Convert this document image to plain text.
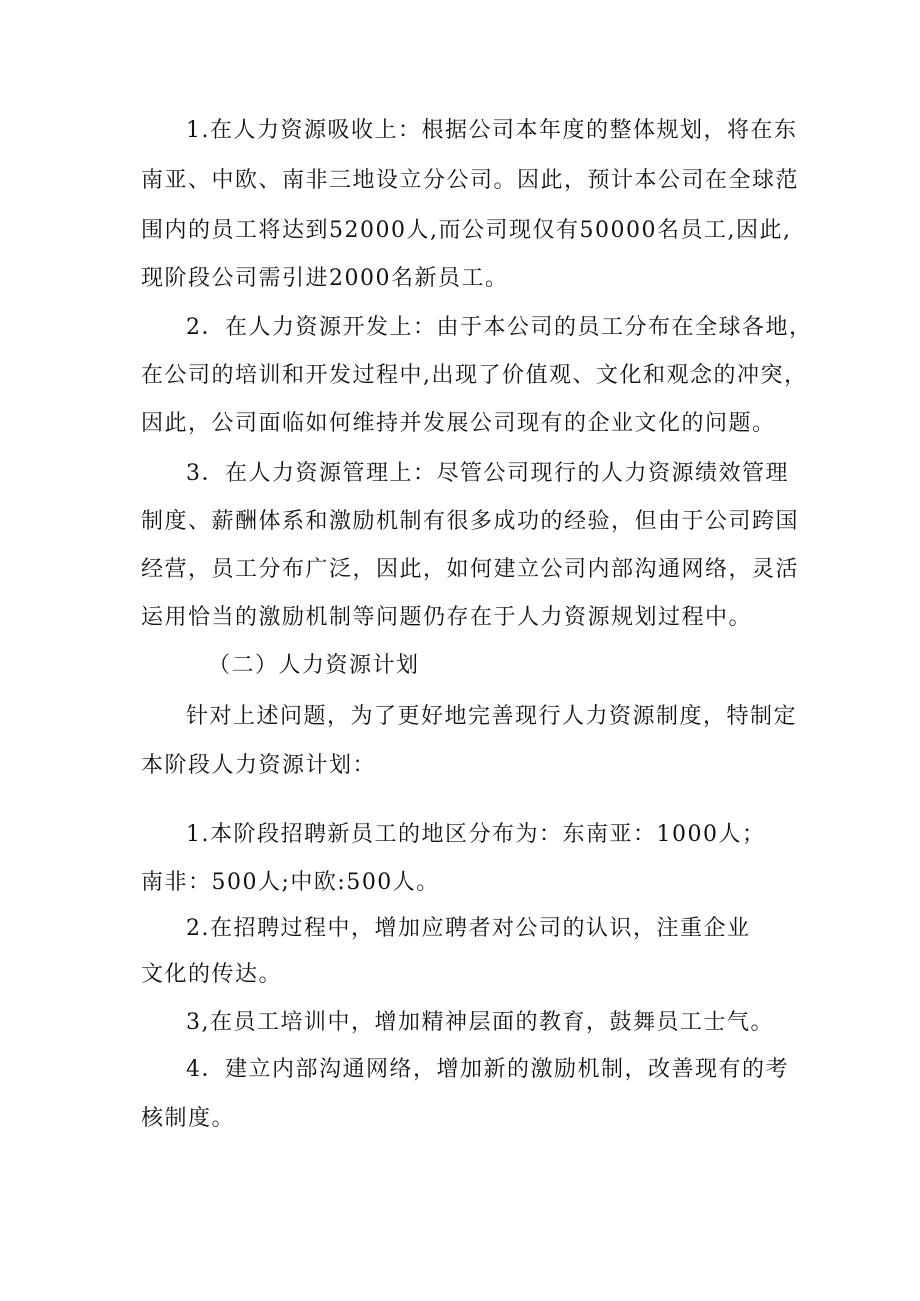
1.在人力资源吸收上：根据公司本年度的整体规划，将在东
南亚、中欧、南非三地设立分公司。因此，预计本公司在全球范
围内的员工将达到52000人,而公司现仅有50000名员工,因此,
现阶段公司需引进2000名新员工。
2．在人力资源开发上：由于本公司的员工分布在全球各地，
在公司的培训和开发过程中,出现了价值观、文化和观念的冲突，
因此，公司面临如何维持并发展公司现有的企业文化的问题。
3．在人力资源管理上：尽管公司现行的人力资源绩效管理
制度、薪酬体系和激励机制有很多成功的经验，但由于公司跨国
经营，员工分布广泛，因此，如何建立公司内部沟通网络，灵活
运用恰当的激励机制等问题仍存在于人力资源规划过程中。
（二）人力资源计划
针对上述问题，为了更好地完善现行人力资源制度，特制定
本阶段人力资源计划：
1.本阶段招聘新员工的地区分布为：东南亚：1000人；
南非：500人;中欧:500人。
2.在招聘过程中，增加应聘者对公司的认识，注重企业
文化的传达。
3,在员工培训中，增加精神层面的教育，鼓舞员工士气。
4．建立内部沟通网络，增加新的激励机制，改善现有的考
核制度。
